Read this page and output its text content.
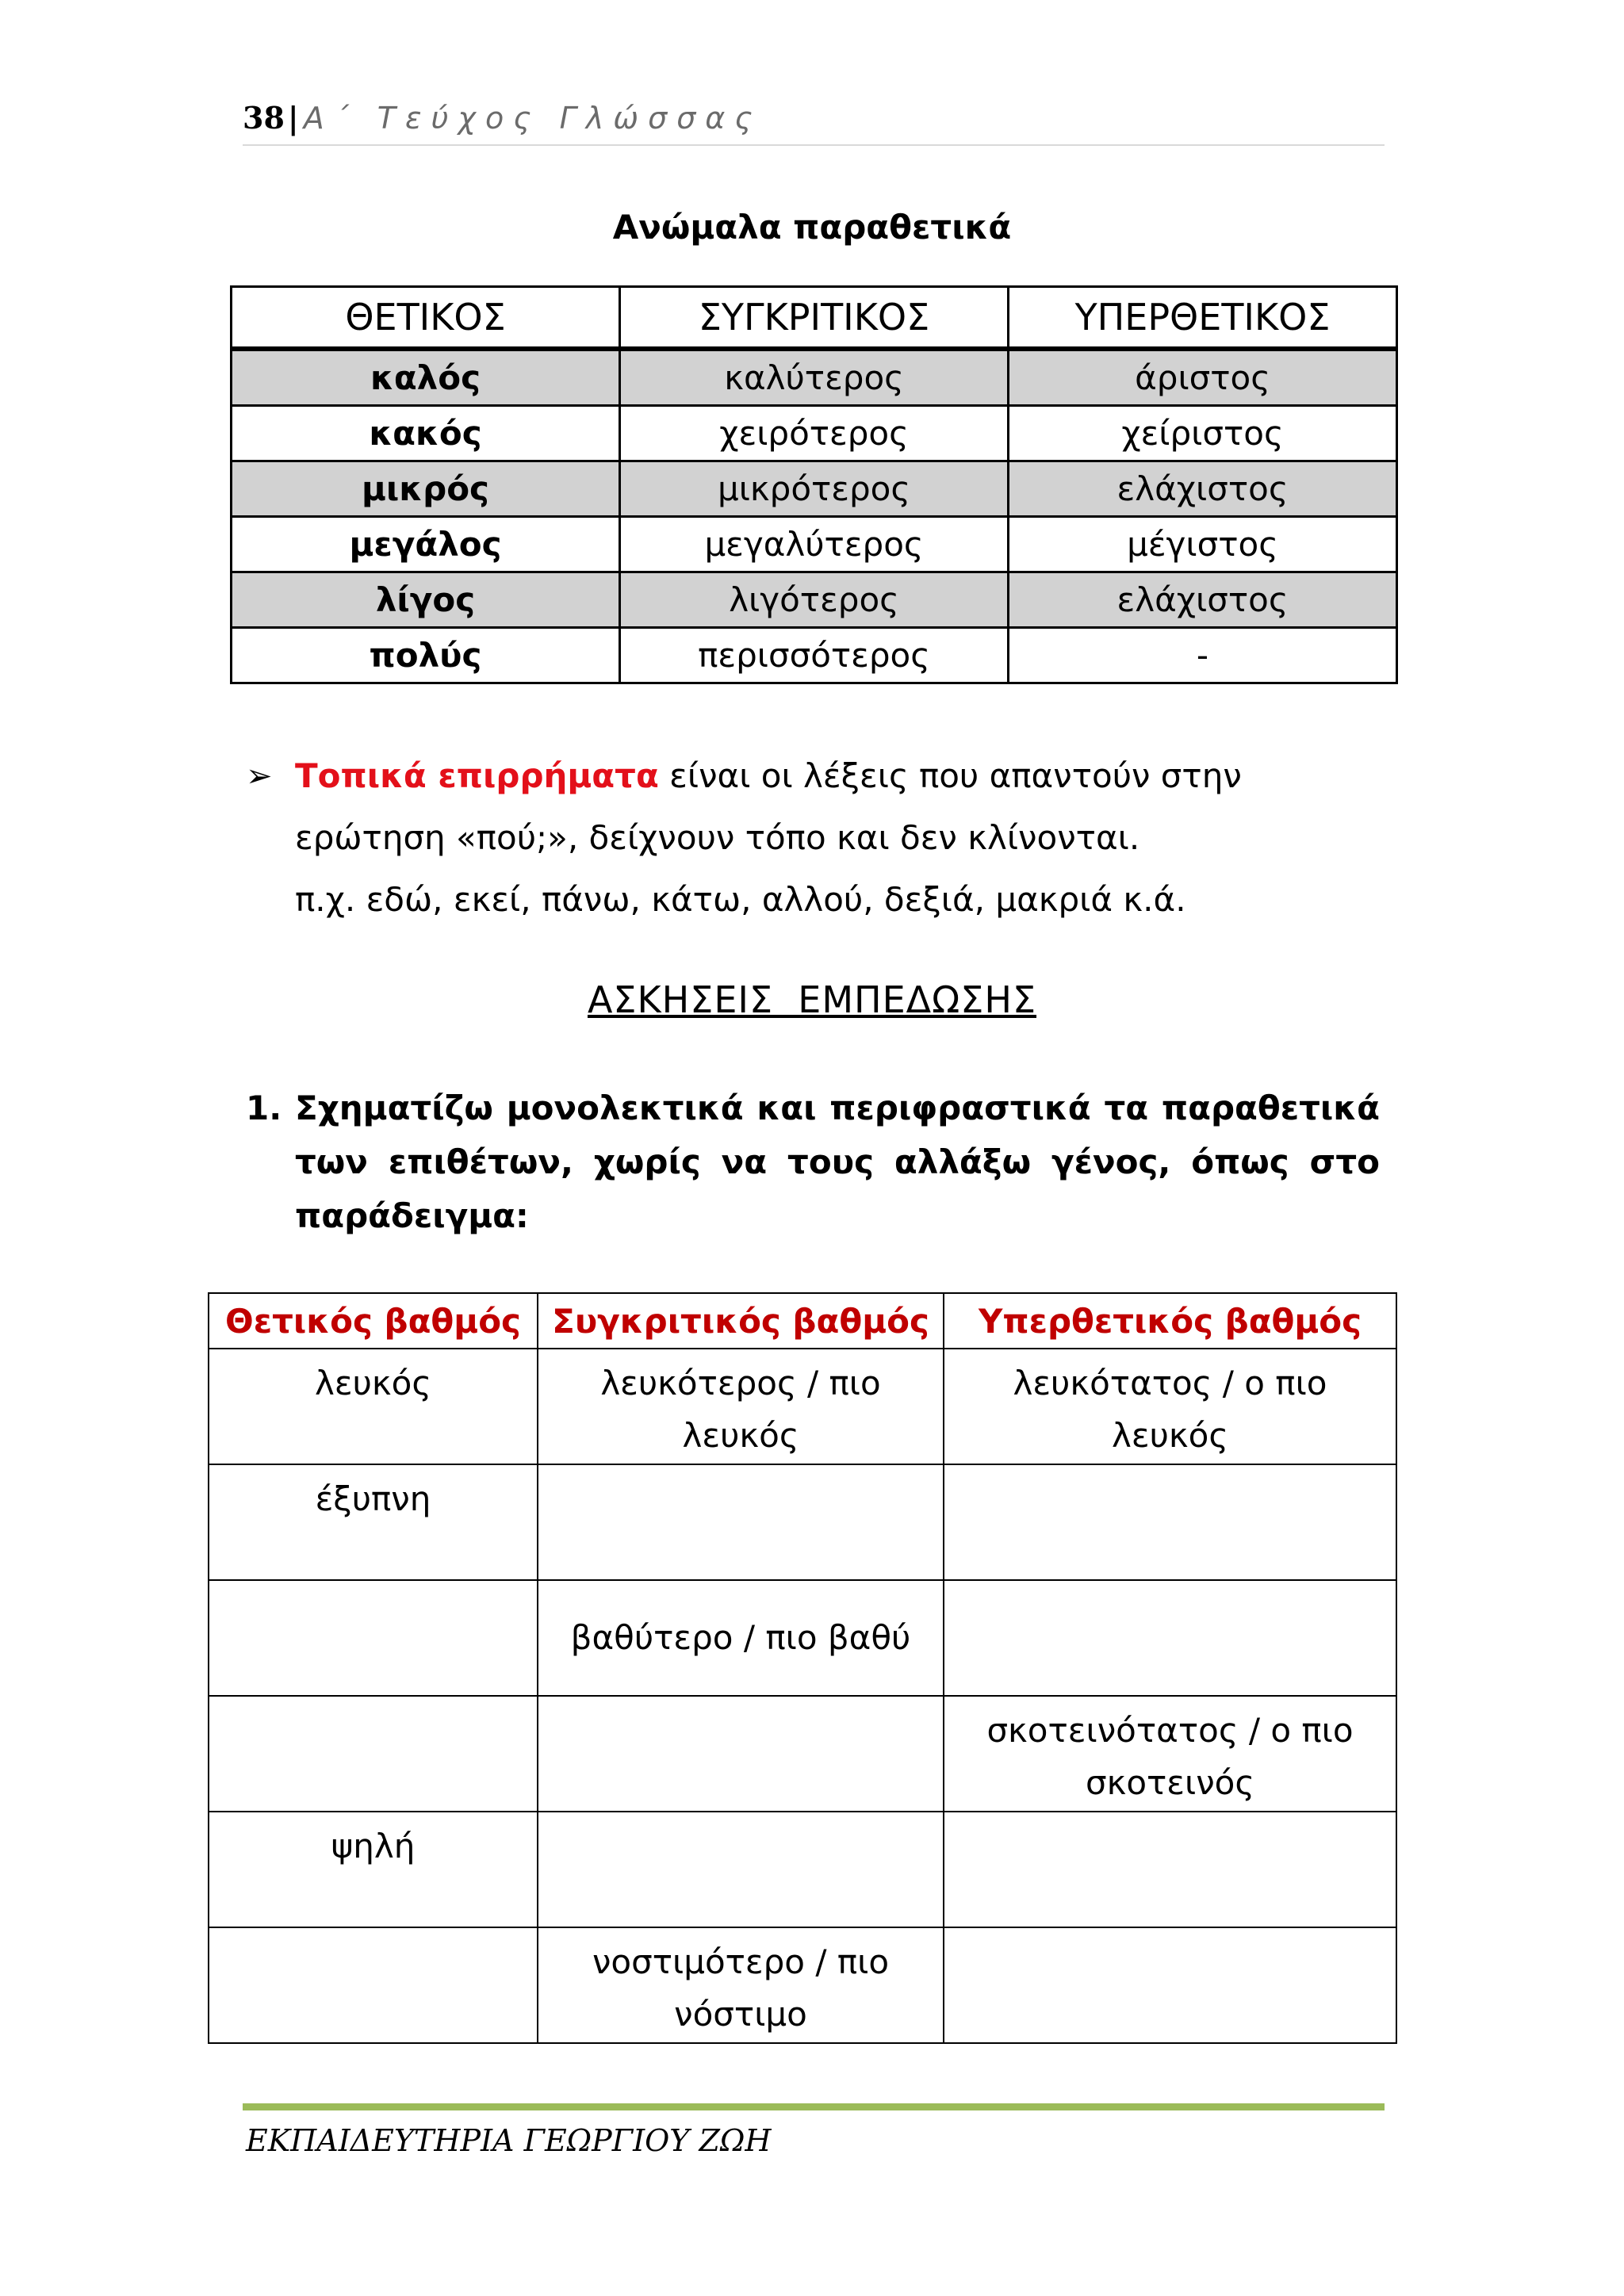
38 | Α΄ Τεύχος Γλώσσας
Ανώμαλα παραθετικά
ΘΕΤΙΚΟΣ	ΣΥΓΚΡΙΤΙΚΟΣ	ΥΠΕΡΘΕΤΙΚΟΣ
καλός	καλύτερος	άριστος
κακός	χειρότερος	χείριστος
μικρός	μικρότερος	ελάχιστος
μεγάλος	μεγαλύτερος	μέγιστος
λίγος	λιγότερος	ελάχιστος
πολύς	περισσότερος	-
➢ Τοπικά επιρρήματα είναι οι λέξεις που απαντούν στην ερώτηση «πού;», δείχνουν τόπο και δεν κλίνονται.
π.χ. εδώ, εκεί, πάνω, κάτω, αλλού, δεξιά, μακριά κ.ά.
ΑΣΚΗΣΕΙΣ  ΕΜΠΕΔΩΣΗΣ
1. Σχηματίζω μονολεκτικά και περιφραστικά τα παραθετικά των επιθέτων, χωρίς να τους αλλάξω γένος, όπως στο παράδειγμα:
Θετικός βαθμός	Συγκριτικός βαθμός	Υπερθετικός βαθμός
λευκός	λευκότερος / πιο λευκός	λευκότατος / ο πιο λευκός
έξυπνη		
	βαθύτερο / πιο βαθύ	
		σκοτεινότατος / ο πιο σκοτεινός
ψηλή		
	νοστιμότερο / πιο νόστιμο	
ΕΚΠΑΙΔΕΥΤΗΡΙΑ ΓΕΩΡΓΙΟΥ ΖΩΗ
